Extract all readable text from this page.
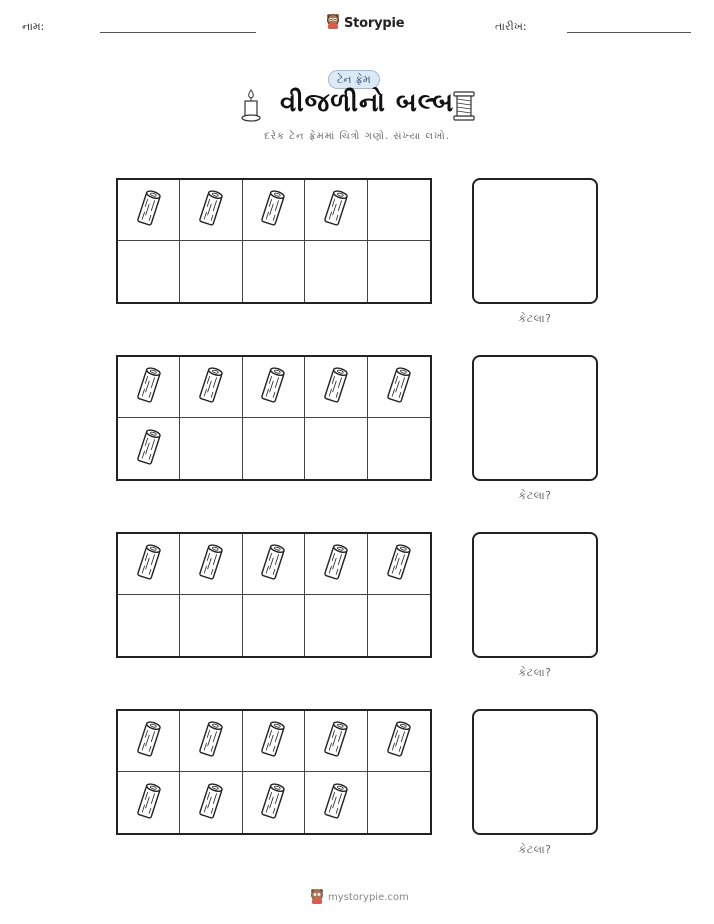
નામ:	Storypie	તારીખ:
ટેન ફ્રેમ
વીજળીનો બલ્બ
દરેક ટેન ફ્રેમમાં ચિત્રો ગણો. સંખ્યા લખો.
કેટલા?
કેટલા?
કેટલા?
કેટલા?
mystorypie.com
